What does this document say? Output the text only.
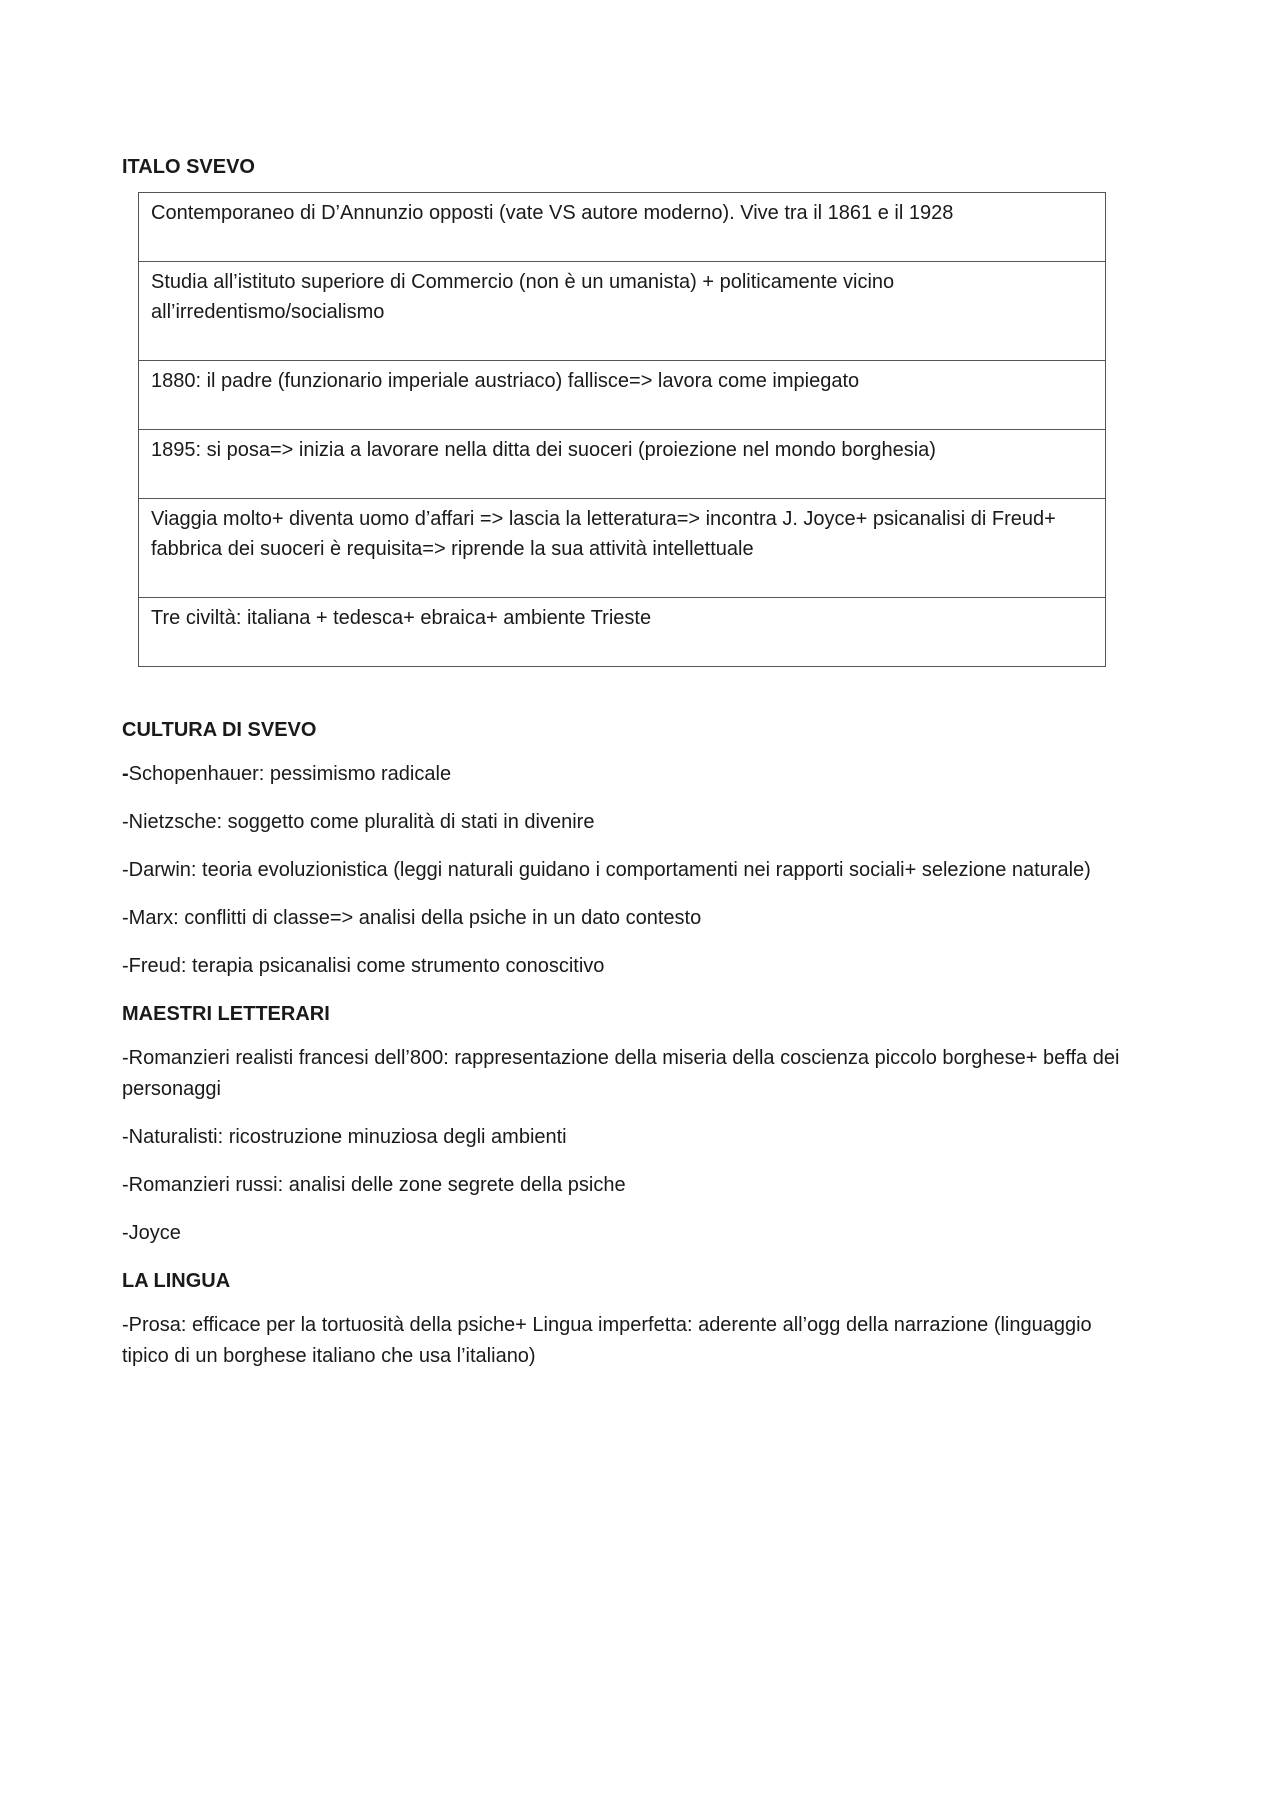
ITALO SVEVO

Contemporaneo di D’Annunzio opposti (vate VS autore moderno). Vive tra il 1861 e il 1928
Studia all’istituto superiore di Commercio (non è un umanista) + politicamente vicino all’irredentismo/socialismo
1880: il padre (funzionario imperiale austriaco) fallisce=> lavora come impiegato
1895: si posa=> inizia a lavorare nella ditta dei suoceri (proiezione nel mondo borghesia)
Viaggia molto+ diventa uomo d’affari => lascia la letteratura=> incontra J. Joyce+ psicanalisi di Freud+ fabbrica dei suoceri è requisita=> riprende la sua attività intellettuale
Tre civiltà: italiana + tedesca+ ebraica+ ambiente Trieste

CULTURA DI SVEVO

-Schopenhauer: pessimismo radicale

-Nietzsche: soggetto come pluralità di stati in divenire

-Darwin: teoria evoluzionistica (leggi naturali guidano i comportamenti nei rapporti sociali+ selezione naturale)

-Marx: conflitti di classe=> analisi della psiche in un dato contesto

-Freud: terapia psicanalisi come strumento conoscitivo

MAESTRI LETTERARI

-Romanzieri realisti francesi dell’800: rappresentazione della miseria della coscienza piccolo borghese+ beffa dei personaggi

-Naturalisti: ricostruzione minuziosa degli ambienti

-Romanzieri russi: analisi delle zone segrete della psiche

-Joyce

LA LINGUA

-Prosa: efficace per la tortuosità della psiche+ Lingua imperfetta: aderente all’ogg della narrazione (linguaggio tipico di un borghese italiano che usa l’italiano)
